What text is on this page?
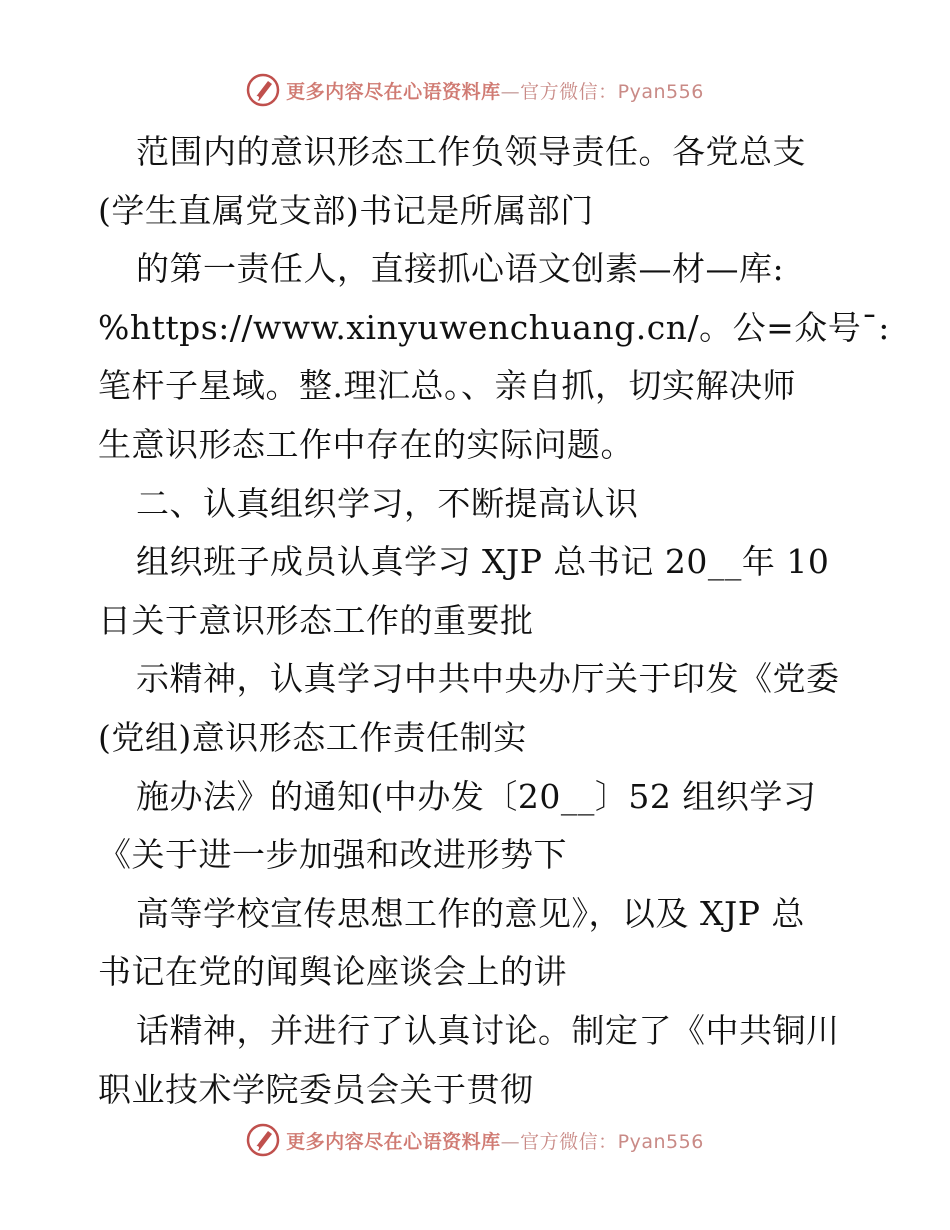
更多内容尽在心语资料库—官方微信：Pyan556
范围内的意识形态工作负领导责任。各党总支
(学生直属党支部)书记是所属部门
的第一责任人，直接抓心语文创素—材—库:
%https://www.xinyuwenchuang.cn/。公=众号¯:
笔杆子星域。整.理汇总。、亲自抓，切实解决师
生意识形态工作中存在的实际问题。
二、认真组织学习，不断提高认识
组织班子成员认真学习 XJP 总书记 20__年 10
日关于意识形态工作的重要批
示精神，认真学习中共中央办厅关于印发《党委
(党组)意识形态工作责任制实
施办法》的通知(中办发〔20__〕52 组织学习
《关于进一步加强和改进形势下
高等学校宣传思想工作的意见》，以及 XJP 总
书记在党的闻舆论座谈会上的讲
话精神，并进行了认真讨论。制定了《中共铜川
职业技术学院委员会关于贯彻
更多内容尽在心语资料库—官方微信：Pyan556
